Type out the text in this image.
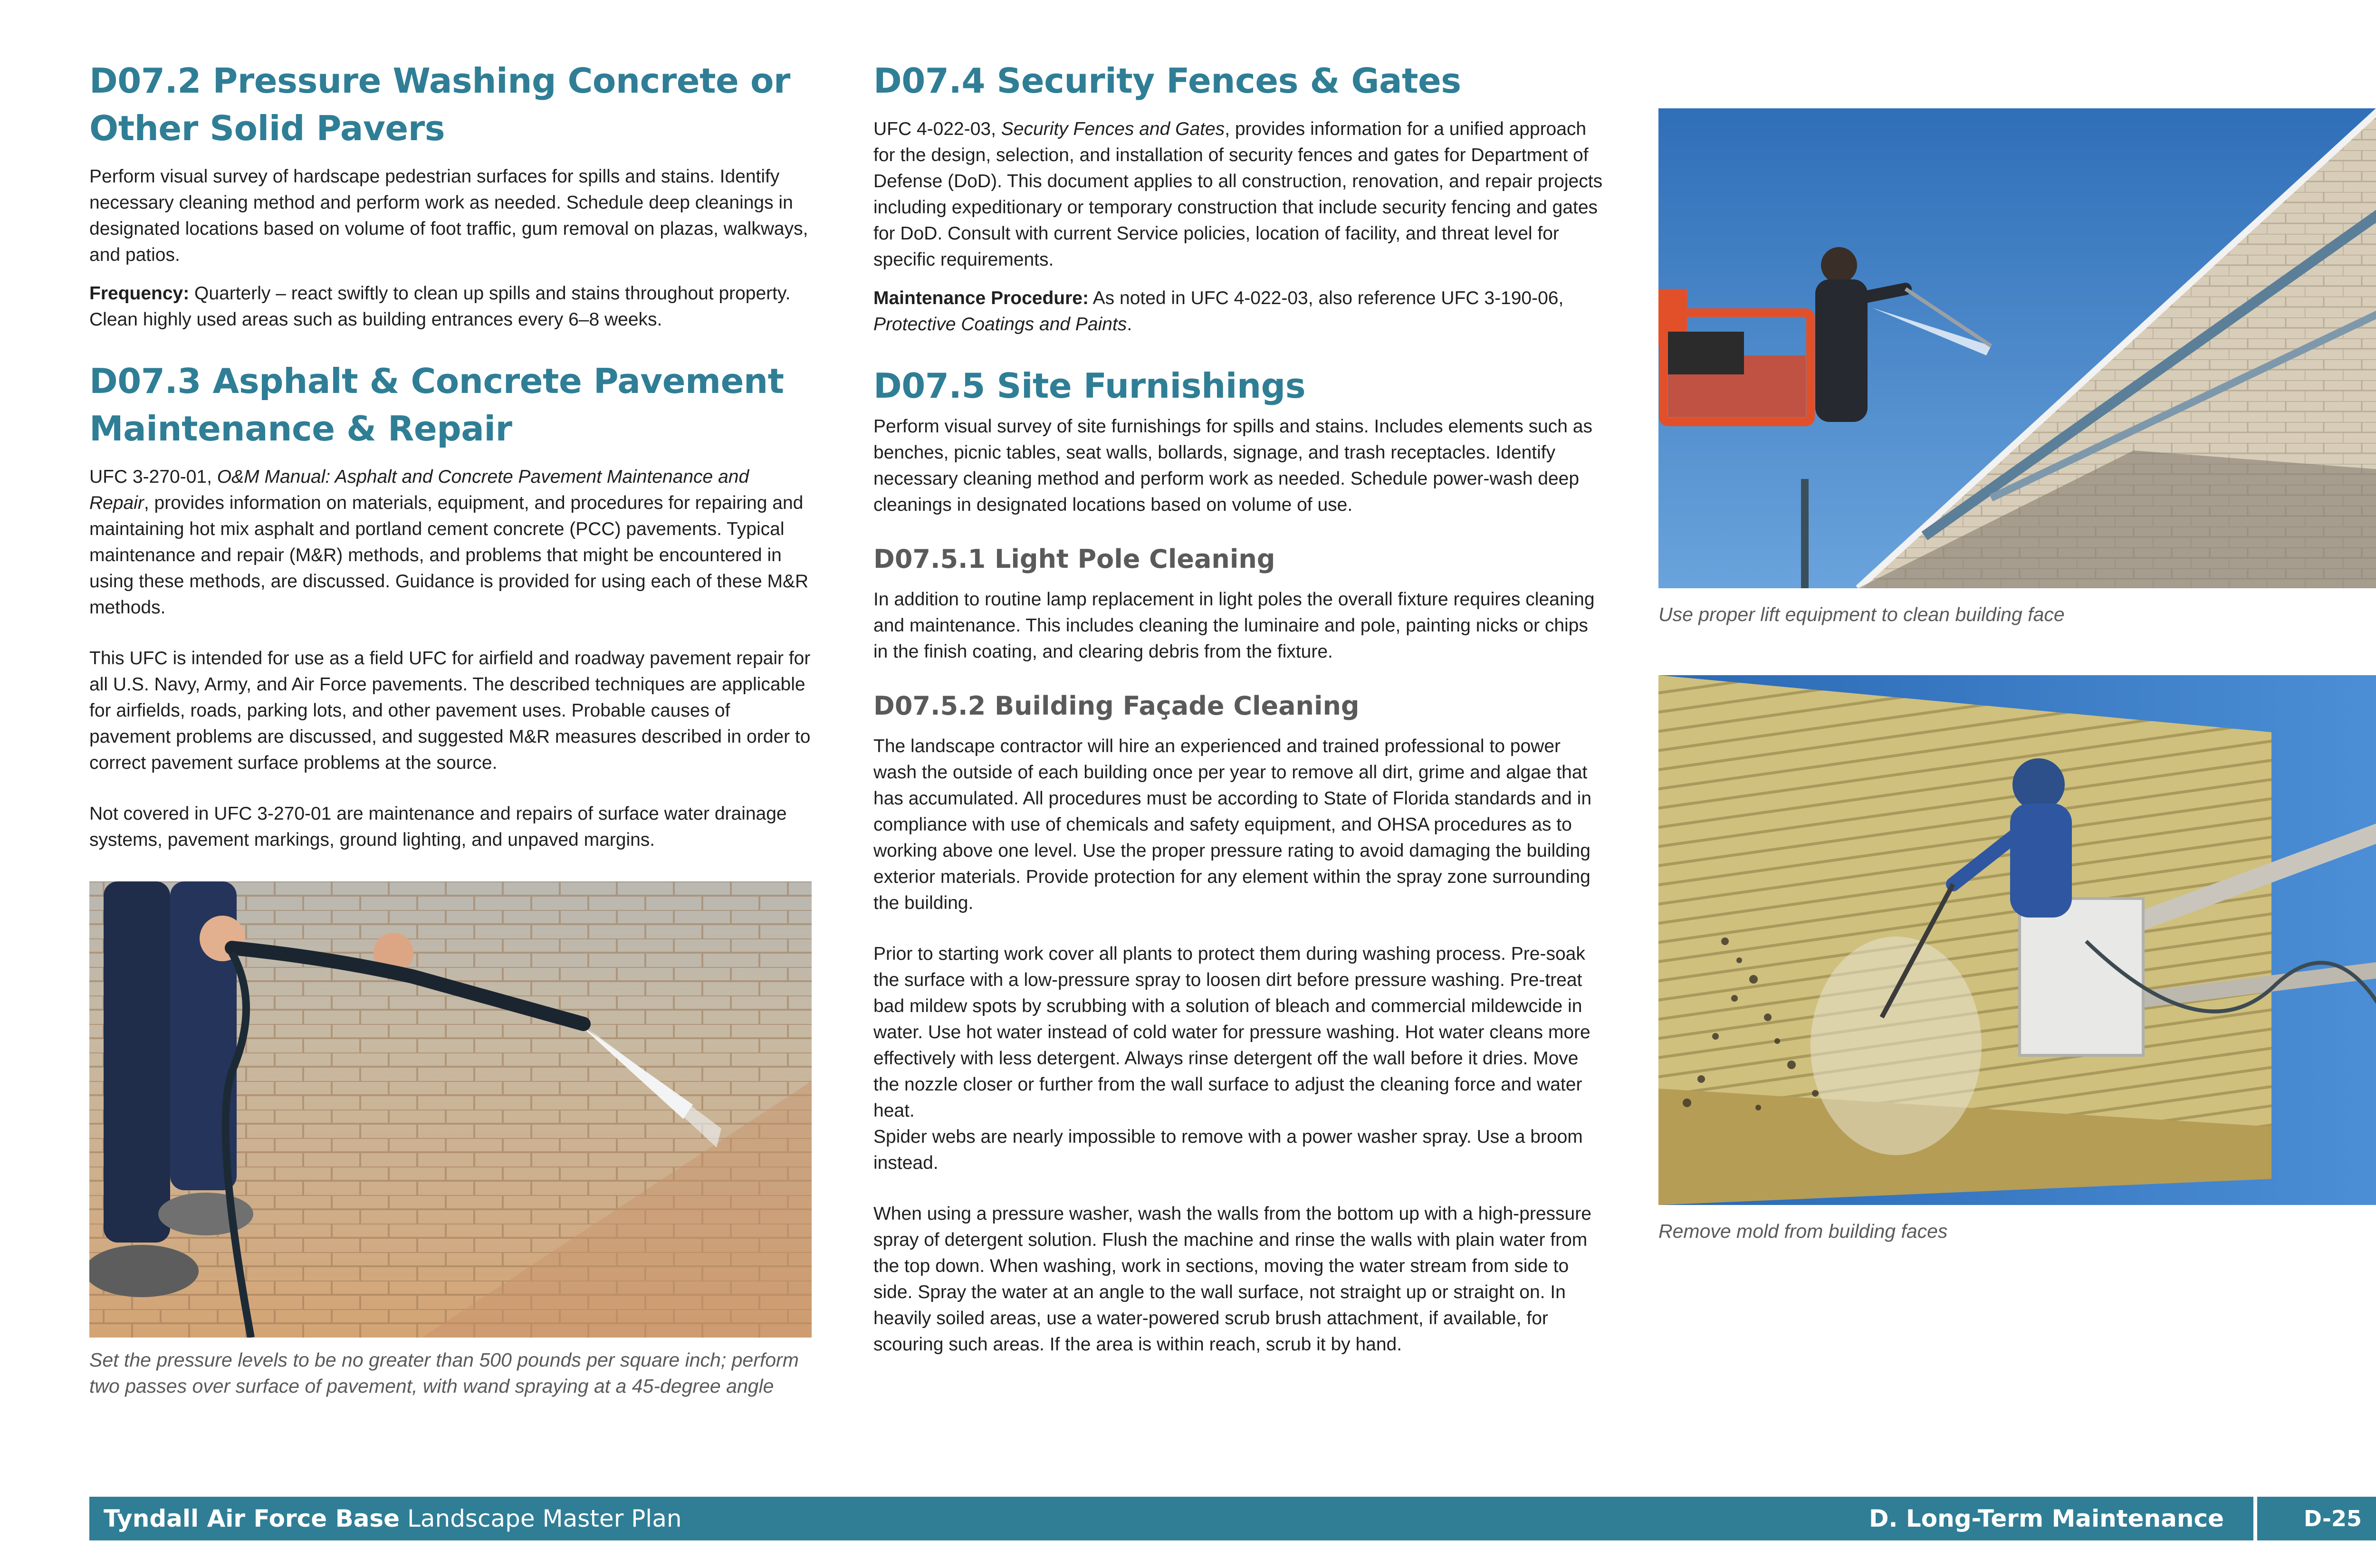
D07.2 Pressure Washing Concrete or Other Solid Pavers

Perform visual survey of hardscape pedestrian surfaces for spills and stains. Identify necessary cleaning method and perform work as needed. Schedule deep cleanings in designated locations based on volume of foot traffic, gum removal on plazas, walkways, and patios.

Frequency: Quarterly – react swiftly to clean up spills and stains throughout property. Clean highly used areas such as building entrances every 6–8 weeks.

D07.3 Asphalt & Concrete Pavement Maintenance & Repair

UFC 3-270-01, O&M Manual: Asphalt and Concrete Pavement Maintenance and Repair, provides information on materials, equipment, and procedures for repairing and maintaining hot mix asphalt and portland cement concrete (PCC) pavements. Typical maintenance and repair (M&R) methods, and problems that might be encountered in using these methods, are discussed. Guidance is provided for using each of these M&R methods.

This UFC is intended for use as a field UFC for airfield and roadway pavement repair for all U.S. Navy, Army, and Air Force pavements. The described techniques are applicable for airfields, roads, parking lots, and other pavement uses. Probable causes of pavement problems are discussed, and suggested M&R measures described in order to correct pavement surface problems at the source.

Not covered in UFC 3-270-01 are maintenance and repairs of surface water drainage systems, pavement markings, ground lighting, and unpaved margins.

Set the pressure levels to be no greater than 500 pounds per square inch; perform two passes over surface of pavement, with wand spraying at a 45-degree angle

D07.4 Security Fences & Gates

UFC 4-022-03, Security Fences and Gates, provides information for a unified approach for the design, selection, and installation of security fences and gates for Department of Defense (DoD). This document applies to all construction, renovation, and repair projects including expeditionary or temporary construction that include security fencing and gates for DoD. Consult with current Service policies, location of facility, and threat level for specific requirements.

Maintenance Procedure: As noted in UFC 4-022-03, also reference UFC 3-190-06, Protective Coatings and Paints.

D07.5 Site Furnishings

Perform visual survey of site furnishings for spills and stains. Includes elements such as benches, picnic tables, seat walls, bollards, signage, and trash receptacles. Identify necessary cleaning method and perform work as needed. Schedule power-wash deep cleanings in designated locations based on volume of use.

D07.5.1 Light Pole Cleaning

In addition to routine lamp replacement in light poles the overall fixture requires cleaning and maintenance. This includes cleaning the luminaire and pole, painting nicks or chips in the finish coating, and clearing debris from the fixture.

D07.5.2 Building Façade Cleaning

The landscape contractor will hire an experienced and trained professional to power wash the outside of each building once per year to remove all dirt, grime and algae that has accumulated. All procedures must be according to State of Florida standards and in compliance with use of chemicals and safety equipment, and OHSA procedures as to working above one level. Use the proper pressure rating to avoid damaging the building exterior materials. Provide protection for any element within the spray zone surrounding the building.

Prior to starting work cover all plants to protect them during washing process. Pre-soak the surface with a low-pressure spray to loosen dirt before pressure washing. Pre-treat bad mildew spots by scrubbing with a solution of bleach and commercial mildewcide in water. Use hot water instead of cold water for pressure washing. Hot water cleans more effectively with less detergent. Always rinse detergent off the wall before it dries. Move the nozzle closer or further from the wall surface to adjust the cleaning force and water heat.

Spider webs are nearly impossible to remove with a power washer spray. Use a broom instead.

When using a pressure washer, wash the walls from the bottom up with a high-pressure spray of detergent solution. Flush the machine and rinse the walls with plain water from the top down. When washing, work in sections, moving the water stream from side to side. Spray the water at an angle to the wall surface, not straight up or straight on. In heavily soiled areas, use a water-powered scrub brush attachment, if available, for scouring such areas. If the area is within reach, scrub it by hand.

Use proper lift equipment to clean building face

Remove mold from building faces

Tyndall Air Force Base Landscape Master Plan	D. Long-Term Maintenance	D-25
